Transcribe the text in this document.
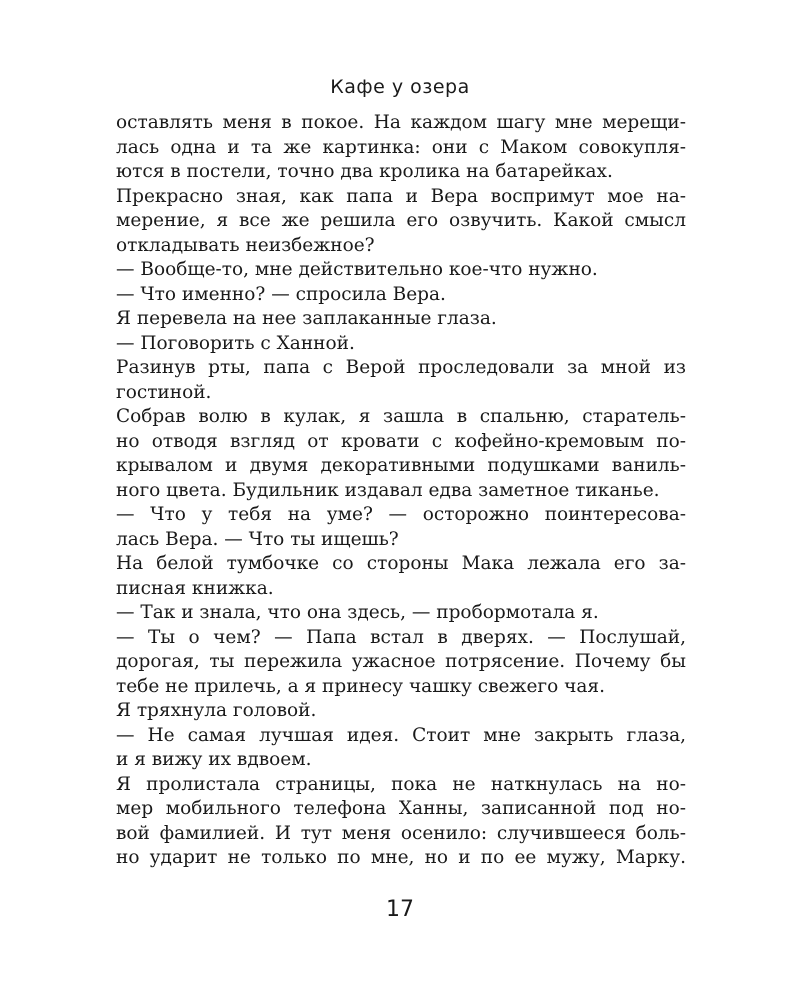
Кафе у озера
оставлять меня в покое. На каждом шагу мне мерещи-
лась одна и та же картинка: они с Маком совокупля-
ются в постели, точно два кролика на батарейках.
Прекрасно зная, как папа и Вера воспримут мое на-
мерение, я все же решила его озвучить. Какой смысл
откладывать неизбежное?
— Вообще-то, мне действительно кое-что нужно.
— Что именно? — спросила Вера.
Я перевела на нее заплаканные глаза.
— Поговорить с Ханной.
Разинув рты, папа с Верой проследовали за мной из
гостиной.
Собрав волю в кулак, я зашла в спальню, старатель-
но отводя взгляд от кровати с кофейно-кремовым по-
крывалом и двумя декоративными подушками ваниль-
ного цвета. Будильник издавал едва заметное тиканье.
— Что у тебя на уме? — осторожно поинтересова-
лась Вера. — Что ты ищешь?
На белой тумбочке со стороны Мака лежала его за-
писная книжка.
— Так и знала, что она здесь, — пробормотала я.
— Ты о чем? — Папа встал в дверях. — Послушай,
дорогая, ты пережила ужасное потрясение. Почему бы
тебе не прилечь, а я принесу чашку свежего чая.
Я тряхнула головой.
— Не самая лучшая идея. Стоит мне закрыть глаза,
и я вижу их вдвоем.
Я пролистала страницы, пока не наткнулась на но-
мер мобильного телефона Ханны, записанной под но-
вой фамилией. И тут меня осенило: случившееся боль-
но ударит не только по мне, но и по ее мужу, Марку.
17
